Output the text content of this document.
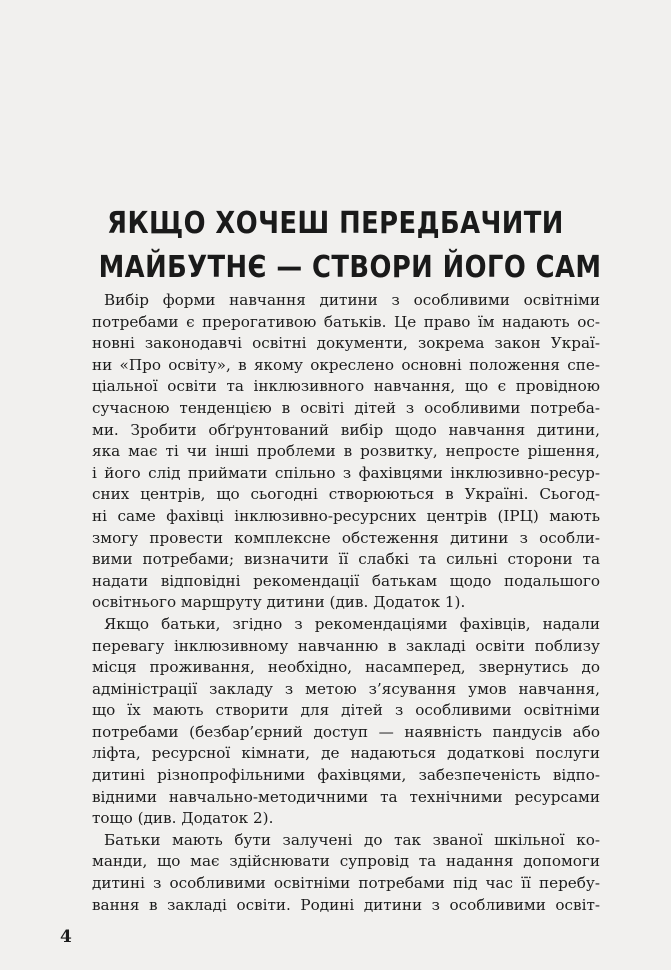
ЯКЩО ХОЧЕШ ПЕРЕДБАЧИТИ
МАЙБУТНЄ — СТВОРИ ЙОГО САМ
Вибір форми навчання дитини з особливими освітніми
потребами є прерогативою батьків. Це право їм надають ос-
новні законодавчі освітні документи, зокрема закон Украї-
ни «Про освіту», в якому окреслено основні положення спе-
ціальної освіти та інклюзивного навчання, що є провідною
сучасною тенденцією в освіті дітей з особливими потреба-
ми. Зробити обґрунтований вибір щодо навчання дитини,
яка має ті чи інші проблеми в розвитку, непросте рішення,
і його слід приймати спільно з фахівцями інклюзивно-ресур-
сних центрів, що сьогодні створюються в Україні. Сьогод-
ні саме фахівці інклюзивно-ресурсних центрів (ІРЦ) мають
змогу провести комплексне обстеження дитини з особли-
вими потребами; визначити її слабкі та сильні сторони та
надати відповідні рекомендації батькам щодо подальшого
освітнього маршруту дитини (див. Додаток 1).
Якщо батьки, згідно з рекомендаціями фахівців, надали
перевагу інклюзивному навчанню в закладі освіти поблизу
місця проживання, необхідно, насамперед, звернутись до
адміністрації закладу з метою з’ясування умов навчання,
що їх мають створити для дітей з особливими освітніми
потребами (безбар’єрний доступ — наявність пандусів або
ліфта, ресурсної кімнати, де надаються додаткові послуги
дитині різнопрофільними фахівцями, забезпеченість відпо-
відними навчально-методичними та технічними ресурсами
тощо (див. Додаток 2).
Батьки мають бути залучені до так званої шкільної ко-
манди, що має здійснювати супровід та надання допомоги
дитині з особливими освітніми потребами під час її перебу-
вання в закладі освіти. Родині дитини з особливими освіт-
4
